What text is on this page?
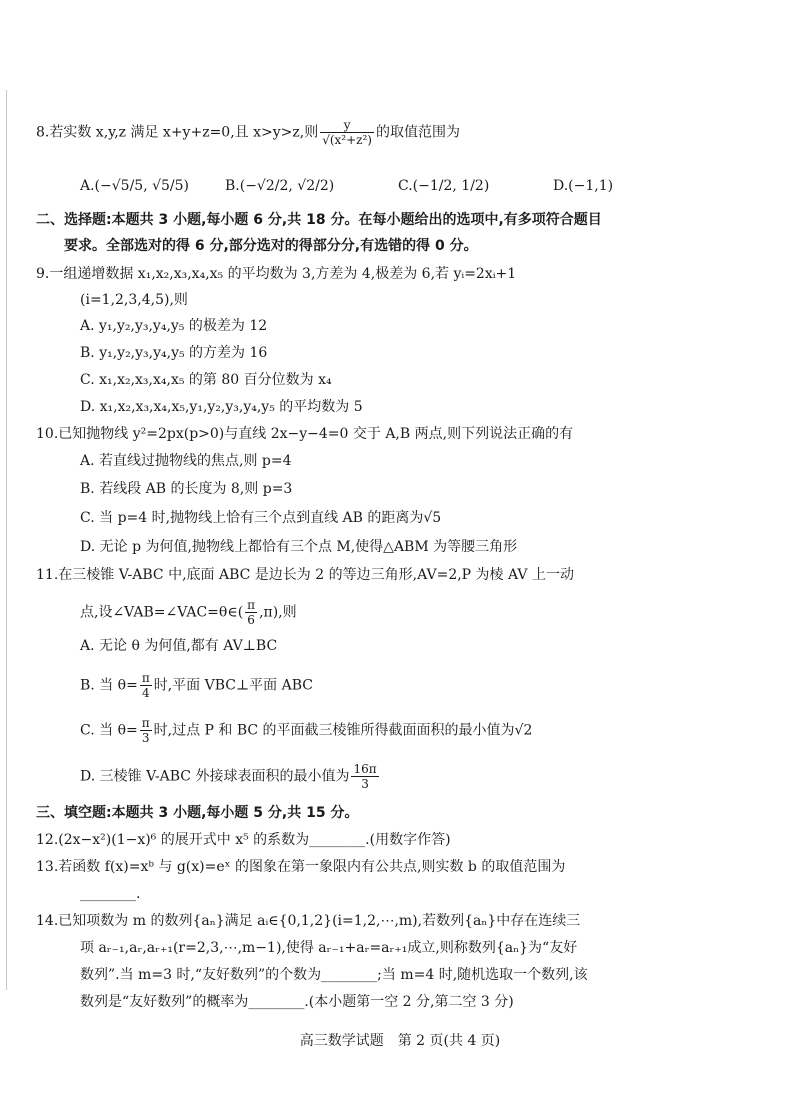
8.若实数 x,y,z 满足 x+y+z=0,且 x>y>z,则 $\frac{y}{\text{√(x²+z²)}}$ 的取值范围为
A.(−√5/5, √5/5)	B.(−√2/2, √2/2)	C.(−1/2, 1/2)	D.(−1,1)
二、选择题:本题共 3 小题,每小题 6 分,共 18 分。在每小题给出的选项中,有多项符合题目
要求。全部选对的得 6 分,部分选对的得部分分,有选错的得 0 分。
9.一组递增数据 x₁,x₂,x₃,x₄,x₅ 的平均数为 3,方差为 4,极差为 6,若 yᵢ=2xᵢ+1
(i=1,2,3,4,5),则
A. y₁,y₂,y₃,y₄,y₅ 的极差为 12
B. y₁,y₂,y₃,y₄,y₅ 的方差为 16
C. x₁,x₂,x₃,x₄,x₅ 的第 80 百分位数为 x₄
D. x₁,x₂,x₃,x₄,x₅,y₁,y₂,y₃,y₄,y₅ 的平均数为 5
10.已知抛物线 y²=2px(p>0)与直线 2x−y−4=0 交于 A,B 两点,则下列说法正确的有
A. 若直线过抛物线的焦点,则 p=4
B. 若线段 AB 的长度为 8,则 p=3
C. 当 p=4 时,抛物线上恰有三个点到直线 AB 的距离为√5
D. 无论 p 为何值,抛物线上都恰有三个点 M,使得△ABM 为等腰三角形
11.在三棱锥 V-ABC 中,底面 ABC 是边长为 2 的等边三角形,AV=2,P 为棱 AV 上一动
点,设∠VAB=∠VAC=θ∈( $\frac{\pi}{6} ,\pi$),则
A. 无论 θ 为何值,都有 AV⊥BC
B. 当 $\theta= \frac{\pi}{4}$ 时,平面 VBC⊥平面 ABC
C. 当 $\theta= \frac{\pi}{3}$ 时,过点 P 和 BC 的平面截三棱锥所得截面面积的最小值为√2
D. 三棱锥 V-ABC 外接球表面积的最小值为 $\frac{16\pi}{3}$
三、填空题:本题共 3 小题,每小题 5 分,共 15 分。
12.(2x−x²)(1−x)⁶ 的展开式中 x⁵ 的系数为________.(用数字作答)
13.若函数 f(x)=xᵇ 与 g(x)=eˣ 的图象在第一象限内有公共点,则实数 b 的取值范围为
________.
14.已知项数为 m 的数列{aₙ}满足 aᵢ∈{0,1,2}(i=1,2,⋯,m),若数列{aₙ}中存在连续三
项 aᵣ₋₁,aᵣ,aᵣ₊₁(r=2,3,⋯,m−1),使得 aᵣ₋₁+aᵣ=aᵣ₊₁成立,则称数列{aₙ}为“友好
数列”.当 m=3 时,“友好数列”的个数为________;当 m=4 时,随机选取一个数列,该
数列是“友好数列”的概率为________.(本小题第一空 2 分,第二空 3 分)
高三数学试题　第 2 页(共 4 页)
